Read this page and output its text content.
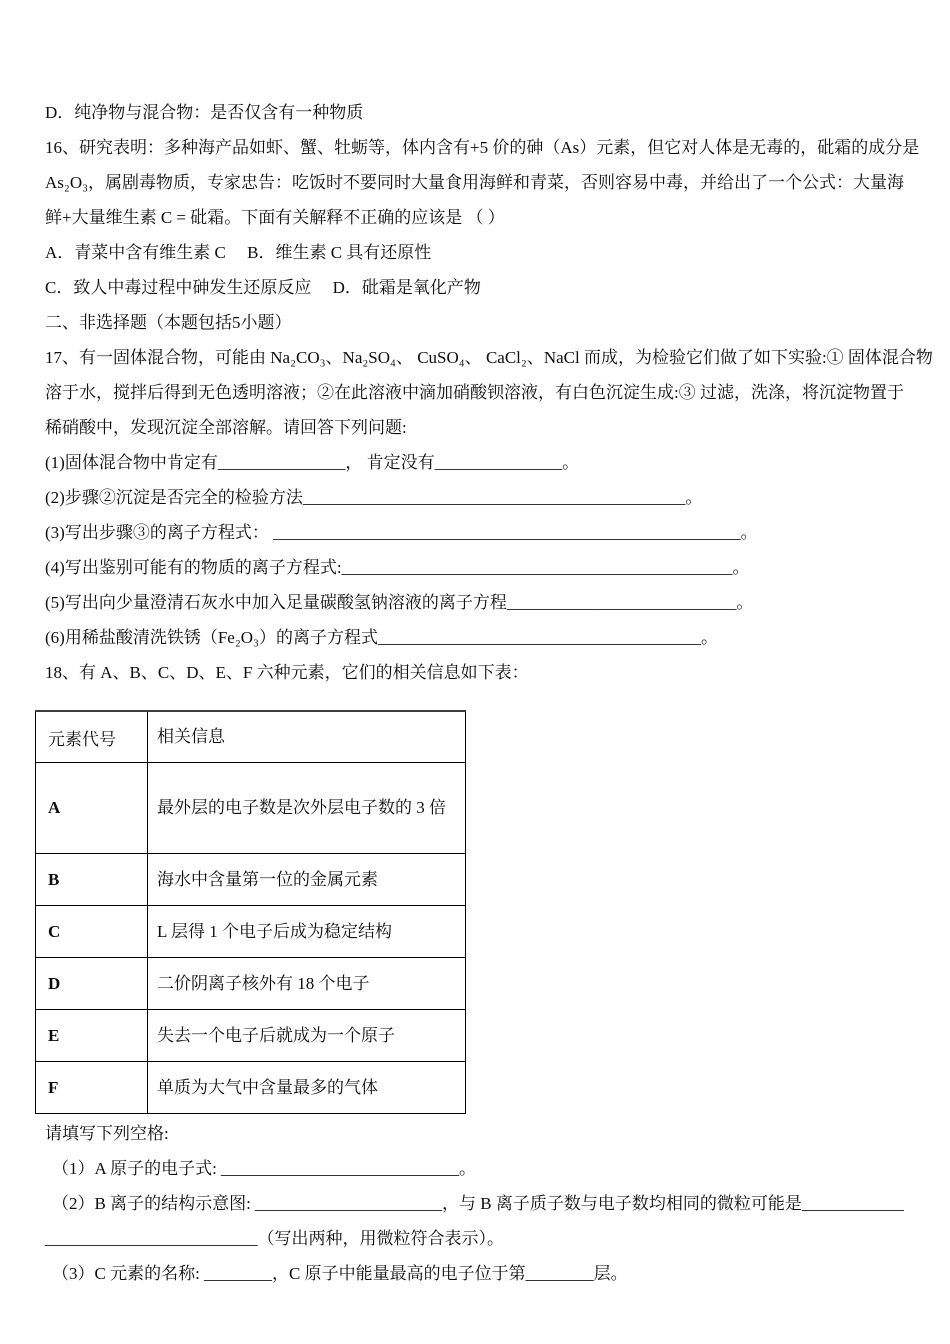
D．纯净物与混合物：是否仅含有一种物质

16、研究表明：多种海产品如虾、蟹、牡蛎等，体内含有+5 价的砷（As）元素，但它对人体是无毒的，砒霜的成分是

As₂O₃，属剧毒物质，专家忠告：吃饭时不要同时大量食用海鲜和青菜，否则容易中毒，并给出了一个公式：大量海

鲜+大量维生素 C = 砒霜。下面有关解释不正确的应该是 （ ）

A．青菜中含有维生素 C　 B．维生素 C 具有还原性

C．致人中毒过程中砷发生还原反应　 D．砒霜是氧化产物

二、非选择题（本题包括5小题）

17、有一固体混合物，可能由 Na₂CO₃、Na₂SO₄、 CuSO₄、 CaCl₂、NaCl 而成，为检验它们做了如下实验:① 固体混合物

溶于水，搅拌后得到无色透明溶液；②在此溶液中滴加硝酸钡溶液，有白色沉淀生成:③ 过滤，洗涤，将沉淀物置于

稀硝酸中，发现沉淀全部溶解。请回答下列问题:

(1)固体混合物中肯定有_______________， 肯定没有_______________。

(2)步骤②沉淀是否完全的检验方法_____________________________________________。

(3)写出步骤③的离子方程式： _______________________________________________________。

(4)写出鉴别可能有的物质的离子方程式:______________________________________________。

(5)写出向少量澄清石灰水中加入足量碳酸氢钠溶液的离子方程___________________________。

(6)用稀盐酸清洗铁锈（Fe₂O₃）的离子方程式______________________________________。

18、有 A、B、C、D、E、F 六种元素，它们的相关信息如下表：

元素代号	相关信息
A	最外层的电子数是次外层电子数的 3 倍
B	海水中含量第一位的金属元素
C	L 层得 1 个电子后成为稳定结构
D	二价阴离子核外有 18 个电子
E	失去一个电子后就成为一个原子
F	单质为大气中含量最多的气体

请填写下列空格:

（1）A 原子的电子式: ____________________________。

（2）B 离子的结构示意图: ______________________，与 B 离子质子数与电子数均相同的微粒可能是____________

_________________________（写出两种，用微粒符合表示）。

（3）C 元素的名称: ________，C 原子中能量最高的电子位于第________层。
